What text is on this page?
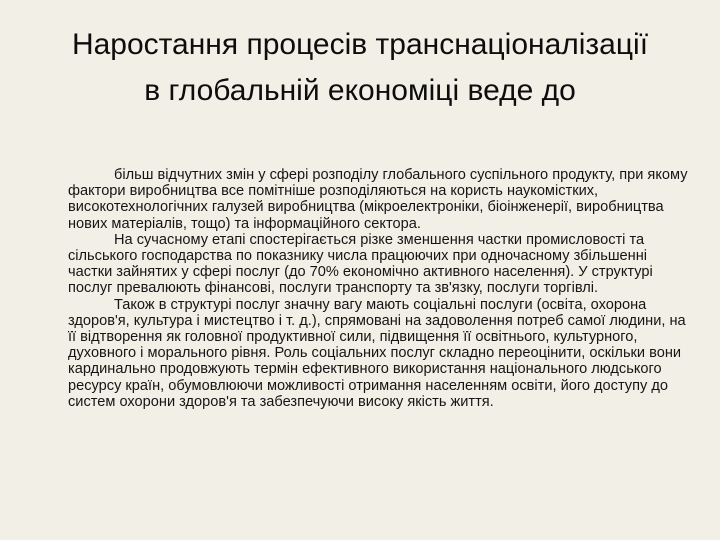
Наростання процесів транснаціоналізації
в глобальній економіці веде до

більш відчутних змін у сфері розподілу глобального суспільного продукту, при якому фактори виробництва все помітніше розподіляються на користь наукомістких, високотехнологічних галузей виробництва (мікроелектроніки, біоінженерії, виробництва нових матеріалів, тощо) та інформаційного сектора.

На сучасному етапі спостерігається різке зменшення частки промисловості та сільського господарства по показнику числа працюючих при одночасному збільшенні частки зайнятих у сфері послуг (до 70% економічно активного населення). У структурі послуг превалюють фінансові, послуги транспорту та зв'язку, послуги торгівлі.

Також в структурі послуг значну вагу мають соціальні послуги (освіта, охорона здоров'я, культура і мистецтво і т. д.), спрямовані на задоволення потреб самої людини, на її відтворення як головної продуктивної сили, підвищення її освітнього, культурного, духовного і морального рівня. Роль соціальних послуг складно переоцінити, оскільки вони кардинально продовжують термін ефективного використання національного людського ресурсу країн, обумовлюючи можливості отримання населенням освіти, його доступу до систем охорони здоров'я та забезпечуючи високу якість життя.
